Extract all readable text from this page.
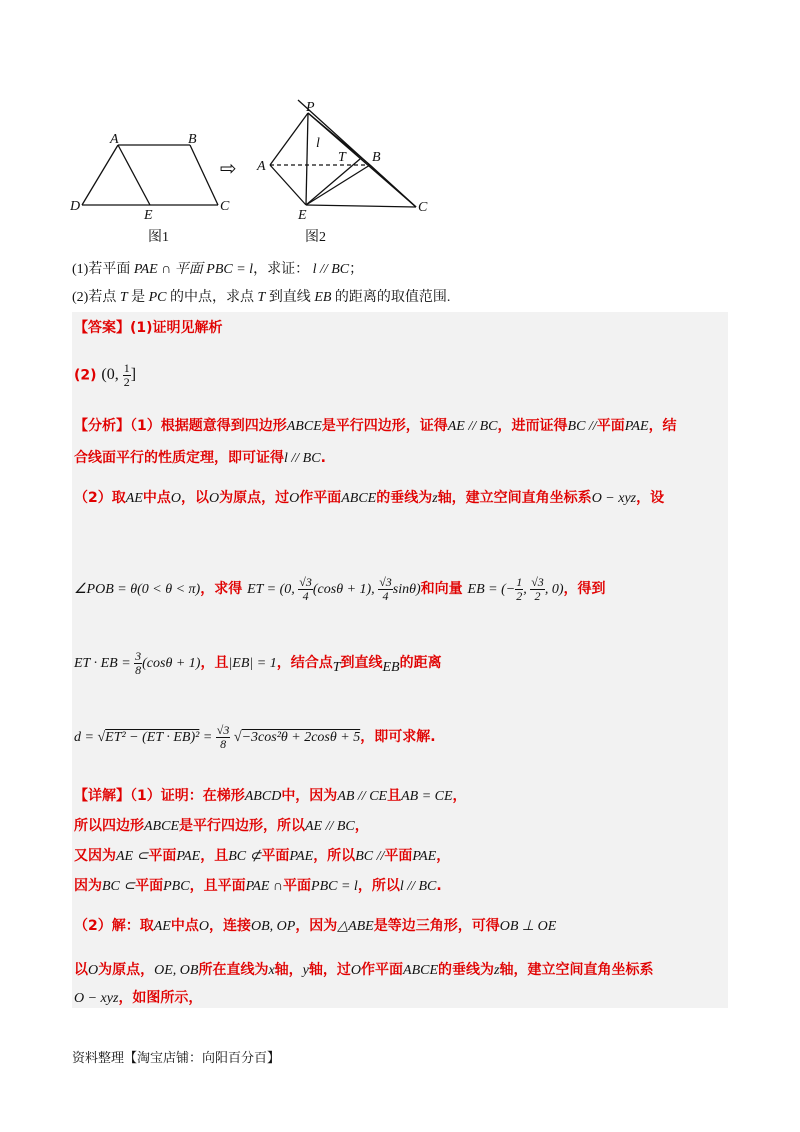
A	B
C
D
E
⇨
P
A
B
C
E
l
T
图1	图2
(1)若平面 PAE ∩ 平面 PBC = l，求证： l // BC；
(2)若点 T 是 PC 的中点，求点 T 到直线 EB 的距离的取值范围.
【答案】(1)证明见解析
(2) (0, $\frac{1}{2}$ ]
【分析】（1）根据题意得到四边形ABCE是平行四边形，证得AE // BC，进而证得BC //平面PAE，结
合线面平行的性质定理，即可证得l // BC.
（2）取AE中点O，以O为原点，过O作平面ABCE的垂线为z轴，建立空间直角坐标系O − xyz，设
∠POB = θ(0 < θ < π)，求得 ET = (0, $\frac{√3}{4} (\cos\theta + 1)$, $\frac{√3}{4} \sin\theta$)和向量 EB = (− $\frac{1}{2}$ , $\frac{√3}{2}$ , 0)，得到
ET · EB = $\frac{3}{8} (\cos\theta + 1)$，且|EB| = 1，结合点T到直线EB的距离
$d = √ET^2 - (ET \cdot EB)^2 = \frac{√3}{8} √-3\cos^2\theta + 2\cos\theta + 5$，即可求解.
【详解】（1）证明：在梯形ABCD中，因为AB // CE且AB = CE，
所以四边形ABCE是平行四边形，所以AE // BC，
又因为AE ⊂平面PAE，且BC ⊄平面PAE，所以BC //平面PAE，
因为BC ⊂平面PBC，且平面PAE ∩平面PBC = l，所以l // BC.
（2）解：取AE中点O，连接OB, OP，因为△ABE是等边三角形，可得OB ⊥ OE
以O为原点，OE, OB所在直线为x轴，y轴，过O作平面ABCE的垂线为z轴，建立空间直角坐标系
O − xyz，如图所示，
资料整理【淘宝店铺：向阳百分百】
